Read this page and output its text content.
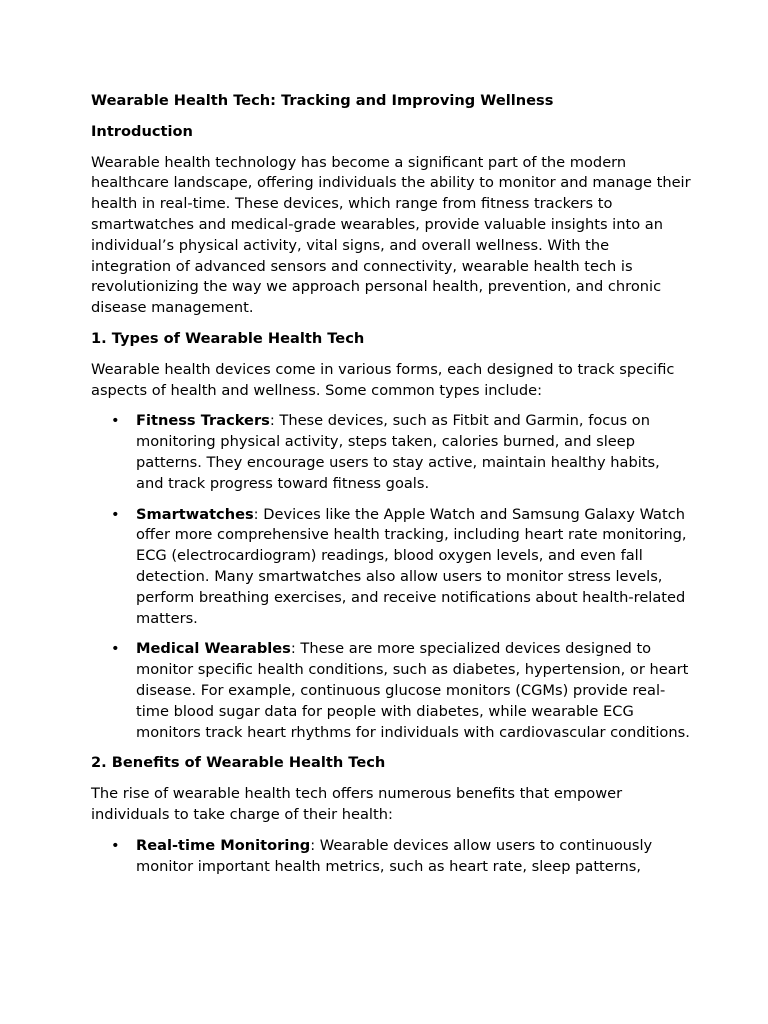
Wearable Health Tech: Tracking and Improving Wellness
Introduction

Wearable health technology has become a significant part of the modern healthcare landscape, offering individuals the ability to monitor and manage their health in real-time. These devices, which range from fitness trackers to smartwatches and medical-grade wearables, provide valuable insights into an individual’s physical activity, vital signs, and overall wellness. With the integration of advanced sensors and connectivity, wearable health tech is revolutionizing the way we approach personal health, prevention, and chronic disease management.

1. Types of Wearable Health Tech

Wearable health devices come in various forms, each designed to track specific aspects of health and wellness. Some common types include:

• Fitness Trackers: These devices, such as Fitbit and Garmin, focus on monitoring physical activity, steps taken, calories burned, and sleep patterns. They encourage users to stay active, maintain healthy habits, and track progress toward fitness goals.
• Smartwatches: Devices like the Apple Watch and Samsung Galaxy Watch offer more comprehensive health tracking, including heart rate monitoring, ECG (electrocardiogram) readings, blood oxygen levels, and even fall detection. Many smartwatches also allow users to monitor stress levels, perform breathing exercises, and receive notifications about health-related matters.
• Medical Wearables: These are more specialized devices designed to monitor specific health conditions, such as diabetes, hypertension, or heart disease. For example, continuous glucose monitors (CGMs) provide real-time blood sugar data for people with diabetes, while wearable ECG monitors track heart rhythms for individuals with cardiovascular conditions.
2. Benefits of Wearable Health Tech

The rise of wearable health tech offers numerous benefits that empower individuals to take charge of their health:

• Real-time Monitoring: Wearable devices allow users to continuously monitor important health metrics, such as heart rate, sleep patterns,
